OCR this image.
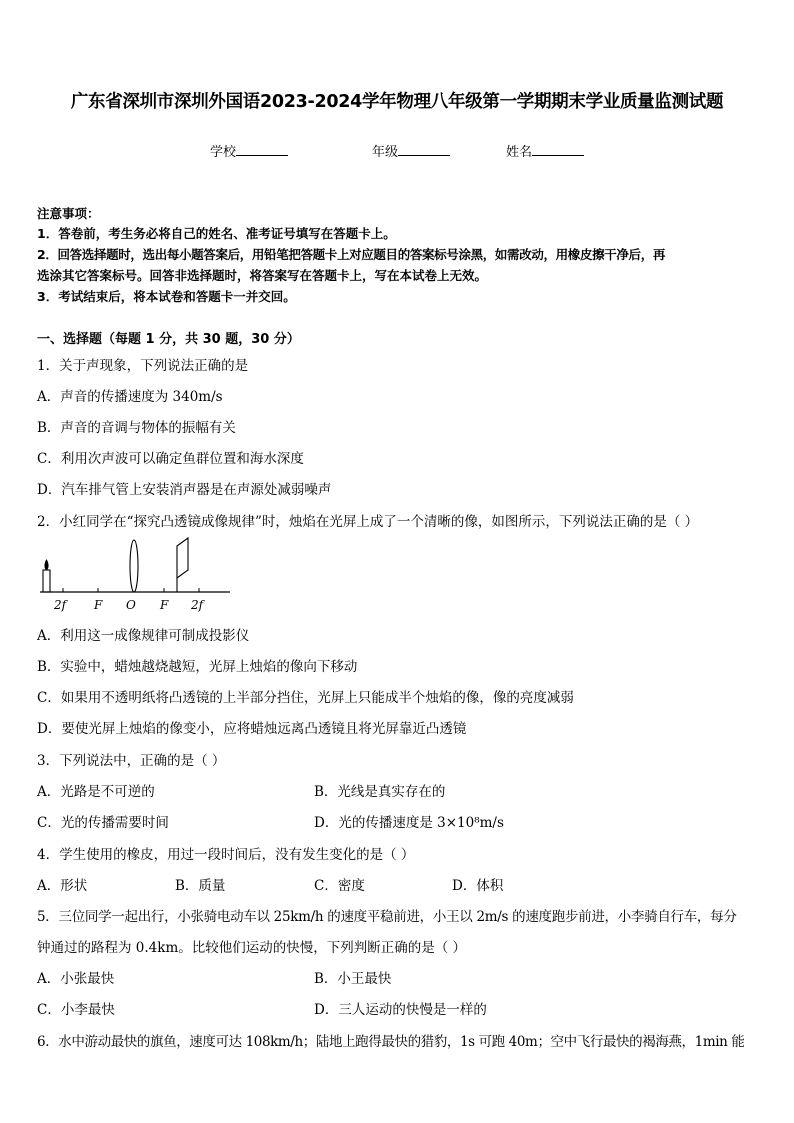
广东省深圳市深圳外国语2023-2024学年物理八年级第一学期期末学业质量监测试题
学校	年级	姓名
注意事项：
1．答卷前，考生务必将自己的姓名、准考证号填写在答题卡上。
2．回答选择题时，选出每小题答案后，用铅笔把答题卡上对应题目的答案标号涂黑，如需改动，用橡皮擦干净后，再
选涂其它答案标号。回答非选择题时，将答案写在答题卡上，写在本试卷上无效。
3．考试结束后，将本试卷和答题卡一并交回。
一、选择题（每题 1 分，共 30 题，30 分）
1．关于声现象，下列说法正确的是
A．声音的传播速度为 340m/s
B．声音的音调与物体的振幅有关
C．利用次声波可以确定鱼群位置和海水深度
D．汽车排气管上安装消声器是在声源处减弱噪声
2．小红同学在“探究凸透镜成像规律”时，烛焰在光屏上成了一个清晰的像，如图所示，下列说法正确的是（ ）
2f F O F 2f
A．利用这一成像规律可制成投影仪
B．实验中，蜡烛越烧越短，光屏上烛焰的像向下移动
C．如果用不透明纸将凸透镜的上半部分挡住，光屏上只能成半个烛焰的像，像的亮度减弱
D．要使光屏上烛焰的像变小，应将蜡烛远离凸透镜且将光屏靠近凸透镜
3．下列说法中，正确的是（ ）
A．光路是不可逆的	B．光线是真实存在的
C．光的传播需要时间	D．光的传播速度是 3×10⁸m/s
4．学生使用的橡皮，用过一段时间后，没有发生变化的是（ ）
A．形状	B．质量	C．密度	D．体积
5．三位同学一起出行，小张骑电动车以 25km/h 的速度平稳前进，小王以 2m/s 的速度跑步前进，小李骑自行车，每分
钟通过的路程为 0.4km。比较他们运动的快慢，下列判断正确的是（ ）
A．小张最快	B．小王最快
C．小李最快	D．三人运动的快慢是一样的
6．水中游动最快的旗鱼，速度可达 108km/h；陆地上跑得最快的猎豹，1s 可跑 40m；空中飞行最快的褐海燕，1min 能
